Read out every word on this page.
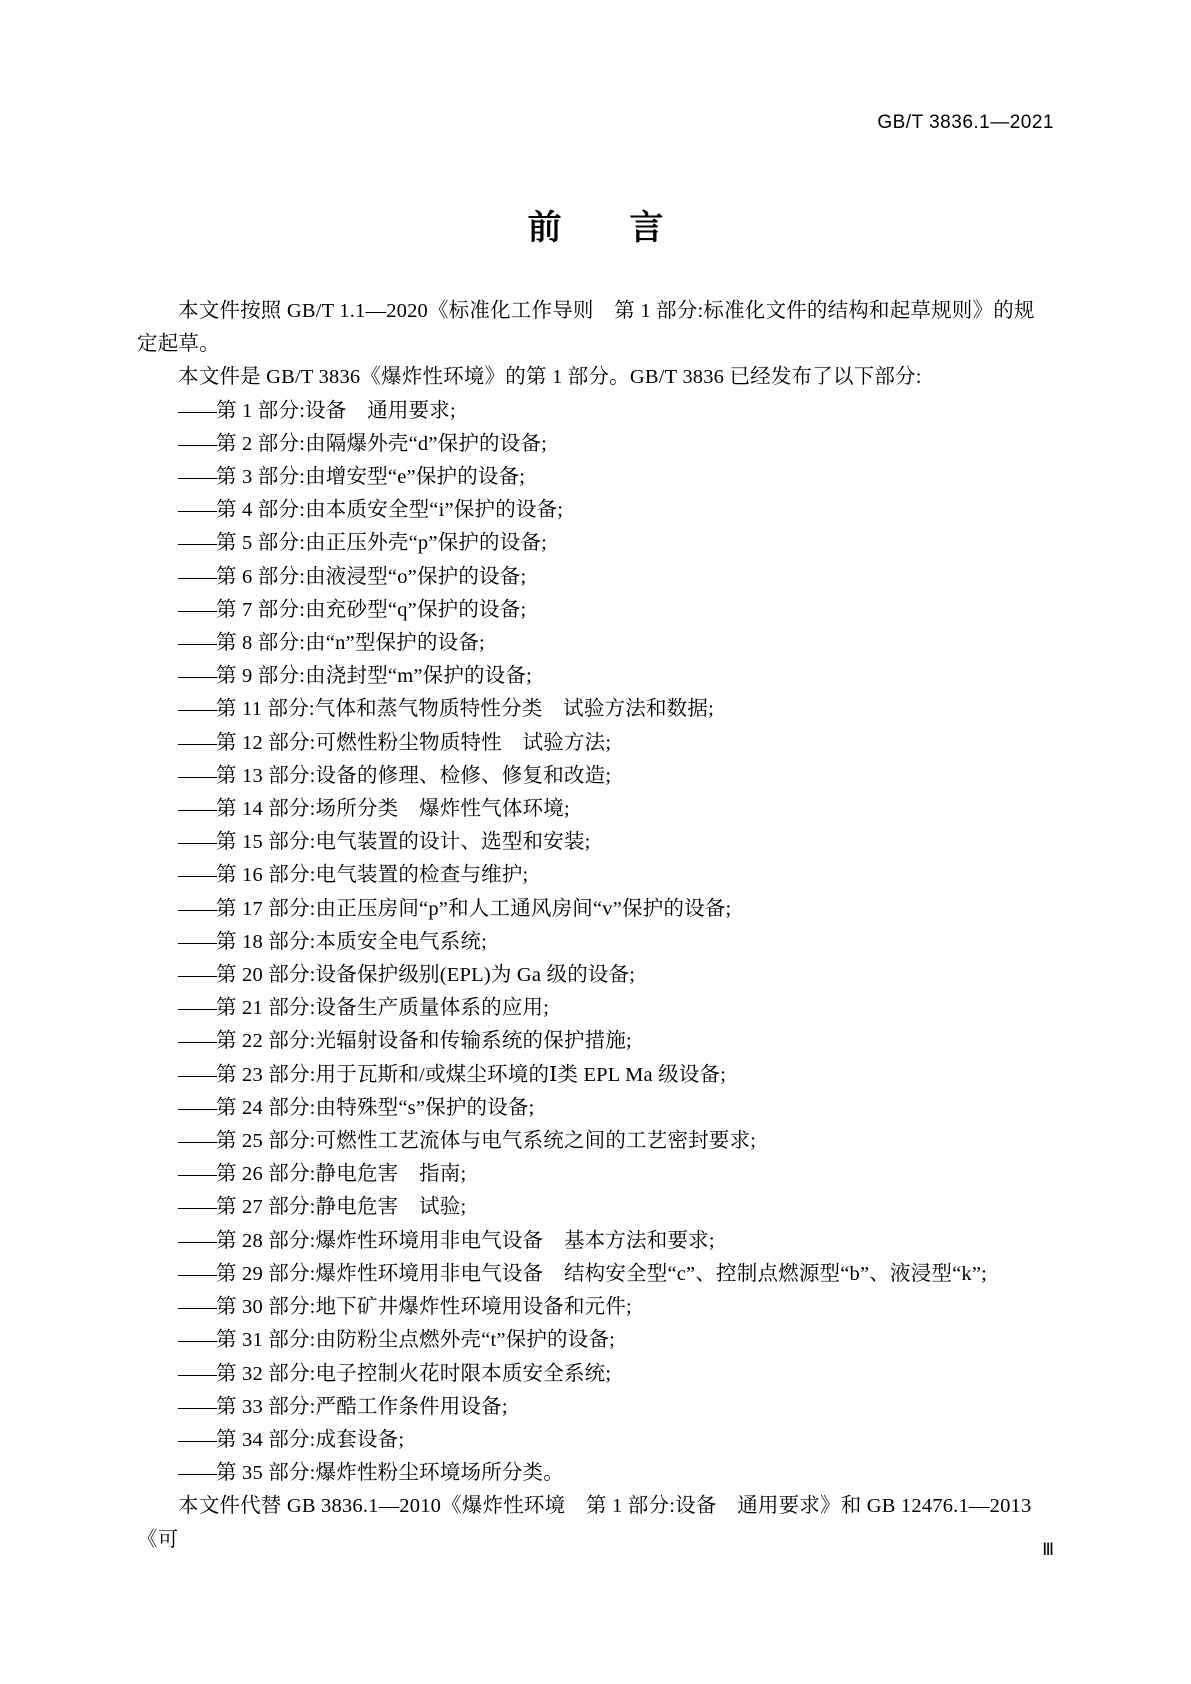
GB/T 3836.1—2021
前 言

本文件按照 GB/T 1.1—2020《标准化工作导则　第 1 部分:标准化文件的结构和起草规则》的规定起草。

本文件是 GB/T 3836《爆炸性环境》的第 1 部分。GB/T 3836 已经发布了以下部分:

——第 1 部分:设备　通用要求;
——第 2 部分:由隔爆外壳“d”保护的设备;
——第 3 部分:由增安型“e”保护的设备;
——第 4 部分:由本质安全型“i”保护的设备;
——第 5 部分:由正压外壳“p”保护的设备;
——第 6 部分:由液浸型“o”保护的设备;
——第 7 部分:由充砂型“q”保护的设备;
——第 8 部分:由“n”型保护的设备;
——第 9 部分:由浇封型“m”保护的设备;
——第 11 部分:气体和蒸气物质特性分类　试验方法和数据;
——第 12 部分:可燃性粉尘物质特性　试验方法;
——第 13 部分:设备的修理、检修、修复和改造;
——第 14 部分:场所分类　爆炸性气体环境;
——第 15 部分:电气装置的设计、选型和安装;
——第 16 部分:电气装置的检查与维护;
——第 17 部分:由正压房间“p”和人工通风房间“v”保护的设备;
——第 18 部分:本质安全电气系统;
——第 20 部分:设备保护级别(EPL)为 Ga 级的设备;
——第 21 部分:设备生产质量体系的应用;
——第 22 部分:光辐射设备和传输系统的保护措施;
——第 23 部分:用于瓦斯和/或煤尘环境的Ⅰ类 EPL Ma 级设备;
——第 24 部分:由特殊型“s”保护的设备;
——第 25 部分:可燃性工艺流体与电气系统之间的工艺密封要求;
——第 26 部分:静电危害　指南;
——第 27 部分:静电危害　试验;
——第 28 部分:爆炸性环境用非电气设备　基本方法和要求;
——第 29 部分:爆炸性环境用非电气设备　结构安全型“c”、控制点燃源型“b”、液浸型“k”;
——第 30 部分:地下矿井爆炸性环境用设备和元件;
——第 31 部分:由防粉尘点燃外壳“t”保护的设备;
——第 32 部分:电子控制火花时限本质安全系统;
——第 33 部分:严酷工作条件用设备;
——第 34 部分:成套设备;
——第 35 部分:爆炸性粉尘环境场所分类。

本文件代替 GB 3836.1—2010《爆炸性环境　第 1 部分:设备　通用要求》和 GB 12476.1—2013《可	Ⅲ
